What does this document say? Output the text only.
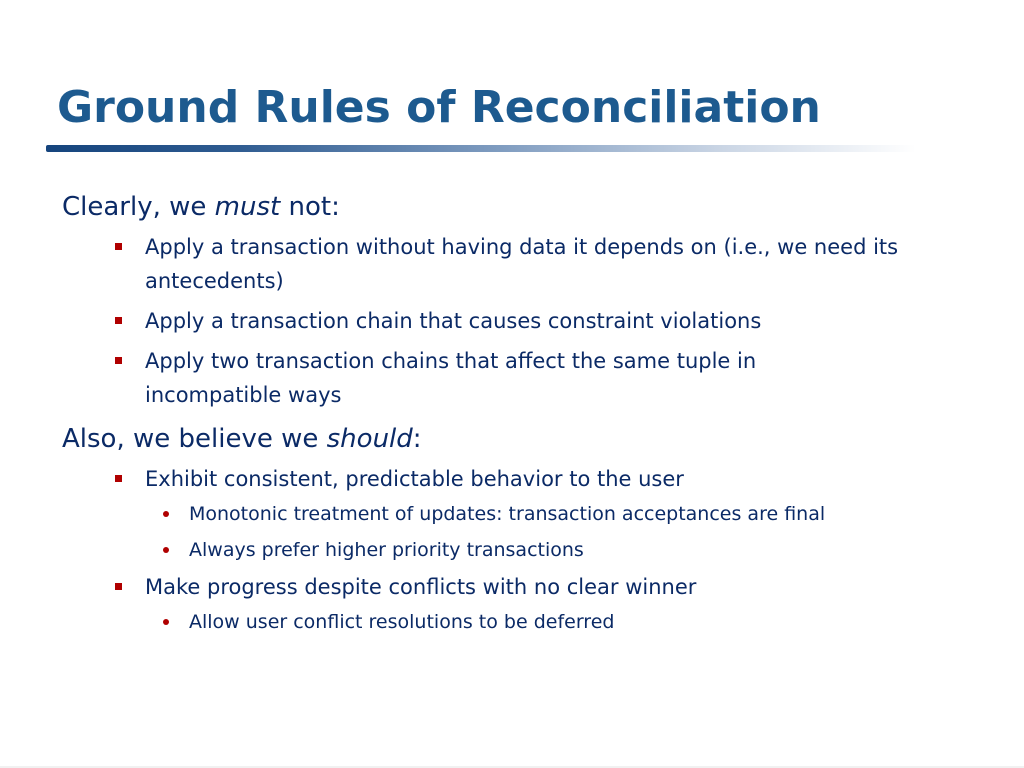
Ground Rules of Reconciliation
Clearly, we must not:
Apply a transaction without having data it depends on (i.e., we need its
antecedents)
Apply a transaction chain that causes constraint violations
Apply two transaction chains that affect the same tuple in
incompatible ways
Also, we believe we should:
Exhibit consistent, predictable behavior to the user
Monotonic treatment of updates: transaction acceptances are final
Always prefer higher priority transactions
Make progress despite conflicts with no clear winner
Allow user conflict resolutions to be deferred
